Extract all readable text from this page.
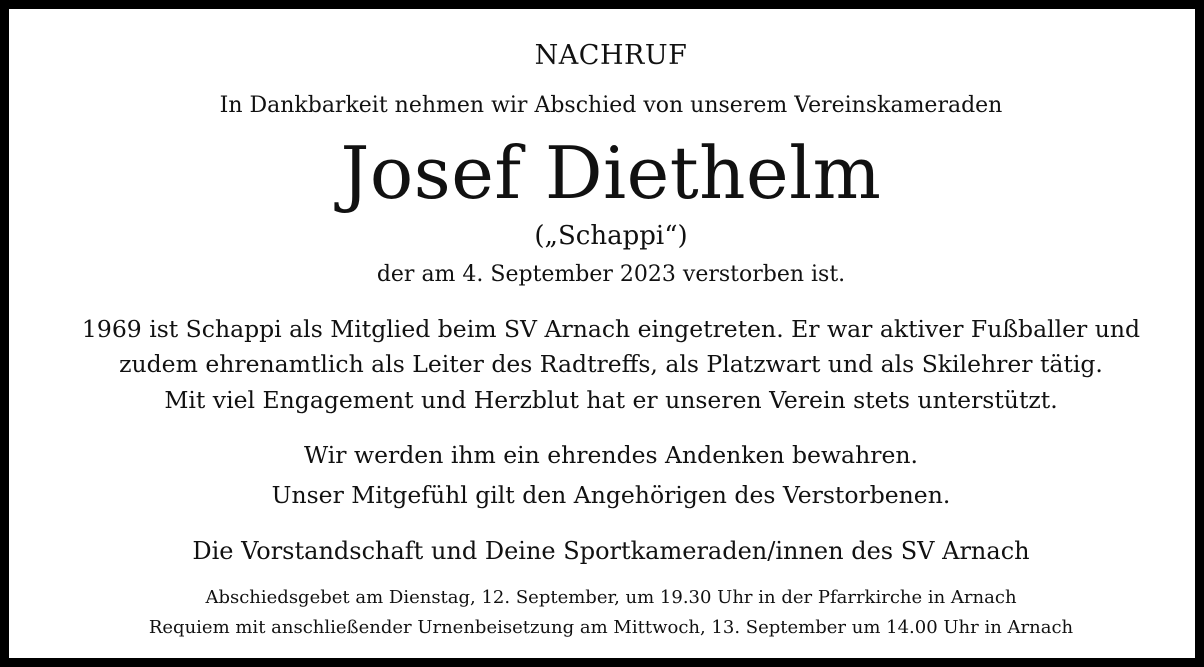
NACHRUF
In Dankbarkeit nehmen wir Abschied von unserem Vereinskameraden
Josef Diethelm
(„Schappi“)
der am 4. September 2023 verstorben ist.
1969 ist Schappi als Mitglied beim SV Arnach eingetreten. Er war aktiver Fußballer und
zudem ehrenamtlich als Leiter des Radtreffs, als Platzwart und als Skilehrer tätig.
Mit viel Engagement und Herzblut hat er unseren Verein stets unterstützt.
Wir werden ihm ein ehrendes Andenken bewahren.
Unser Mitgefühl gilt den Angehörigen des Verstorbenen.
Die Vorstandschaft und Deine Sportkameraden/innen des SV Arnach
Abschiedsgebet am Dienstag, 12. September, um 19.30 Uhr in der Pfarrkirche in Arnach
Requiem mit anschließender Urnenbeisetzung am Mittwoch, 13. September um 14.00 Uhr in Arnach
